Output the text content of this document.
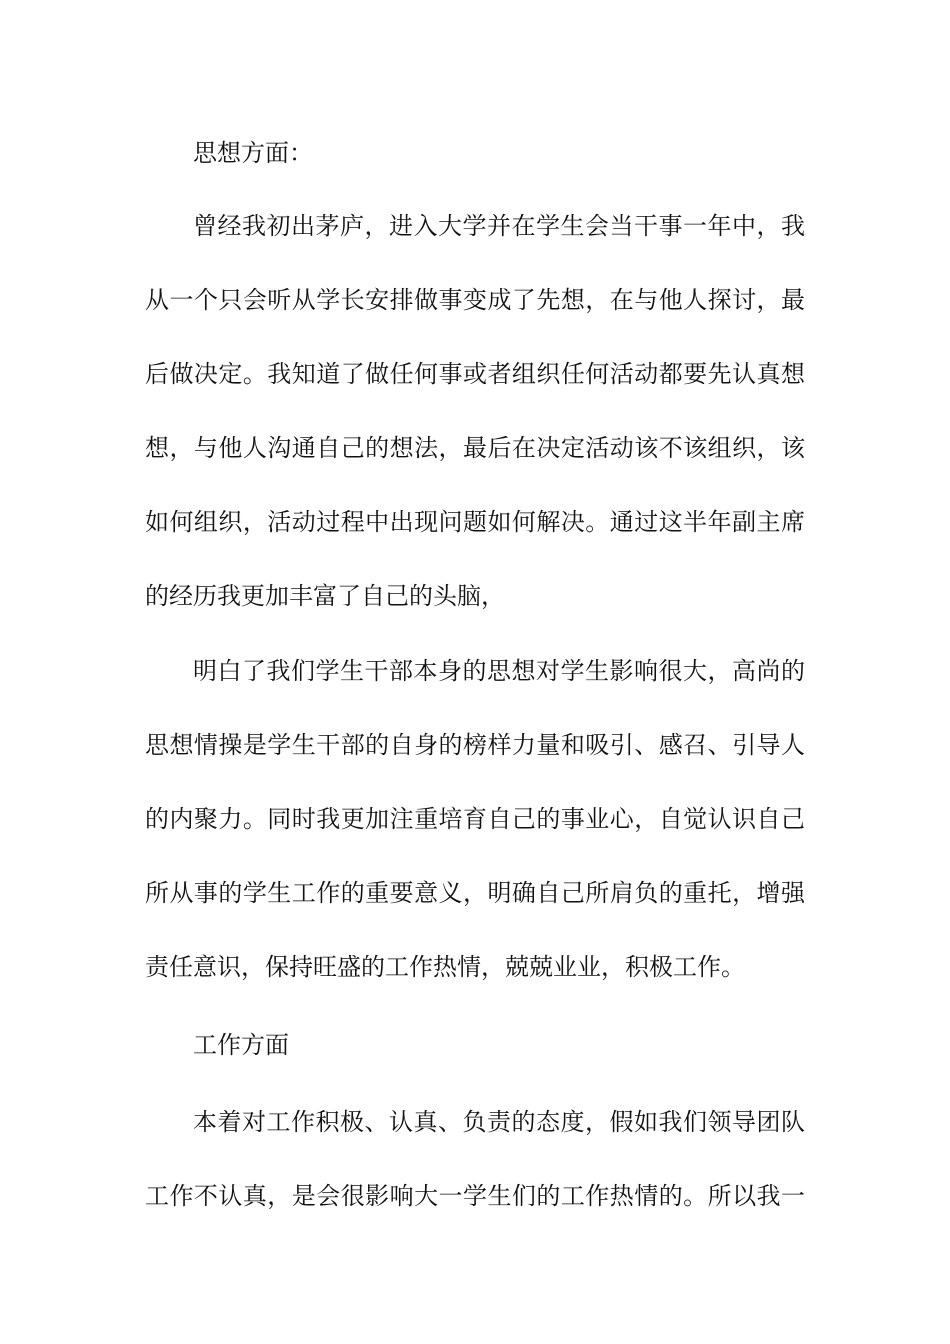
思想方面：
曾经我初出茅庐，进入大学并在学生会当干事一年中，我
从一个只会听从学长安排做事变成了先想，在与他人探讨，最
后做决定。我知道了做任何事或者组织任何活动都要先认真想
想，与他人沟通自己的想法，最后在决定活动该不该组织，该
如何组织，活动过程中出现问题如何解决。通过这半年副主席
的经历我更加丰富了自己的头脑，
明白了我们学生干部本身的思想对学生影响很大，高尚的
思想情操是学生干部的自身的榜样力量和吸引、感召、引导人
的内聚力。同时我更加注重培育自己的事业心，自觉认识自己
所从事的学生工作的重要意义，明确自己所肩负的重托，增强
责任意识，保持旺盛的工作热情，兢兢业业，积极工作。
工作方面
本着对工作积极、认真、负责的态度，假如我们领导团队
工作不认真，是会很影响大一学生们的工作热情的。所以我一
